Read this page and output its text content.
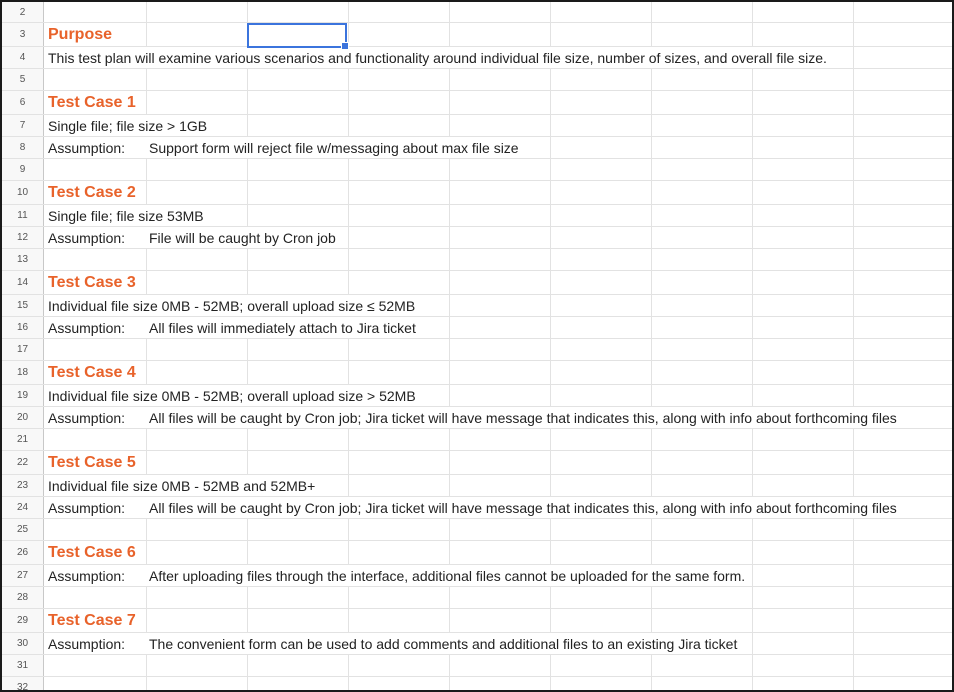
2
3	Purpose
4	This test plan will examine various scenarios and functionality around individual file size, number of sizes, and overall file size.
5
6	Test Case 1
7	Single file; file size > 1GB
8	Assumption:	Support form will reject file w/messaging about max file size
9
10	Test Case 2
11	Single file; file size 53MB
12	Assumption:	File will be caught by Cron job
13
14	Test Case 3
15	Individual file size 0MB - 52MB; overall upload size ≤ 52MB
16	Assumption:	All files will immediately attach to Jira ticket
17
18	Test Case 4
19	Individual file size 0MB - 52MB; overall upload size > 52MB
20	Assumption:	All files will be caught by Cron job; Jira ticket will have message that indicates this, along with info about forthcoming files
21
22	Test Case 5
23	Individual file size 0MB - 52MB and 52MB+
24	Assumption:	All files will be caught by Cron job; Jira ticket will have message that indicates this, along with info about forthcoming files
25
26	Test Case 6
27	Assumption:	After uploading files through the interface, additional files cannot be uploaded for the same form.
28
29	Test Case 7
30	Assumption:	The convenient form can be used to add comments and additional files to an existing Jira ticket
31
32
